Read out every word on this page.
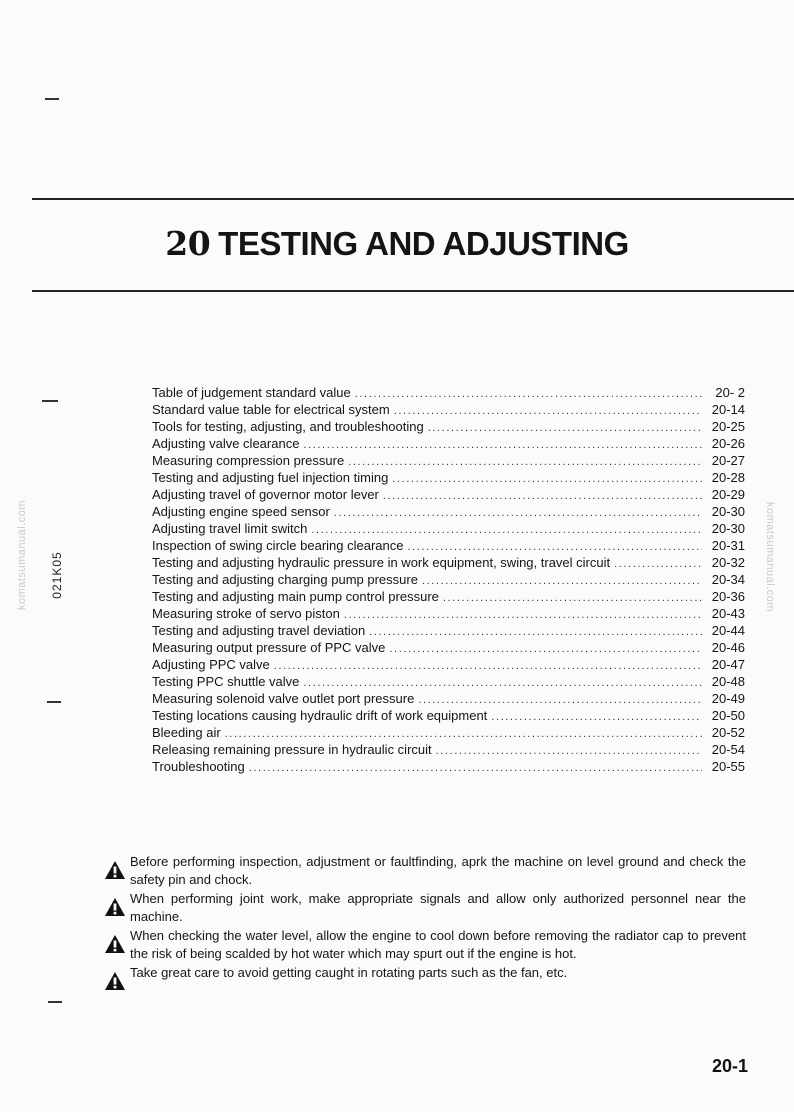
20 TESTING AND ADJUSTING
021K05
komatsumanual.com	komatsumanual.com
Table of judgement standard value .....	20- 2
Standard value table for electrical system .....	20-14
Tools for testing, adjusting, and troubleshooting .....	20-25
Adjusting valve clearance .....	20-26
Measuring compression pressure .....	20-27
Testing and adjusting fuel injection timing .....	20-28
Adjusting travel of governor motor lever .....	20-29
Adjusting engine speed sensor .....	20-30
Adjusting travel limit switch .....	20-30
Inspection of swing circle bearing clearance .....	20-31
Testing and adjusting hydraulic pressure in work equipment, swing, travel circuit .....	20-32
Testing and adjusting charging pump pressure .....	20-34
Testing and adjusting main pump control pressure .....	20-36
Measuring stroke of servo piston .....	20-43
Testing and adjusting travel deviation .....	20-44
Measuring output pressure of PPC valve .....	20-46
Adjusting PPC valve .....	20-47
Testing PPC shuttle valve .....	20-48
Measuring solenoid valve outlet port pressure .....	20-49
Testing locations causing hydraulic drift of work equipment .....	20-50
Bleeding air .....	20-52
Releasing remaining pressure in hydraulic circuit .....	20-54
Troubleshooting .....	20-55
Before performing inspection, adjustment or faultfinding, aprk the machine on level ground and check the safety pin and chock.
When performing joint work, make appropriate signals and allow only authorized personnel near the machine.
When checking the water level, allow the engine to cool down before removing the radiator cap to prevent the risk of being scalded by hot water which may spurt out if the engine is hot.
Take great care to avoid getting caught in rotating parts such as the fan, etc.
20-1
